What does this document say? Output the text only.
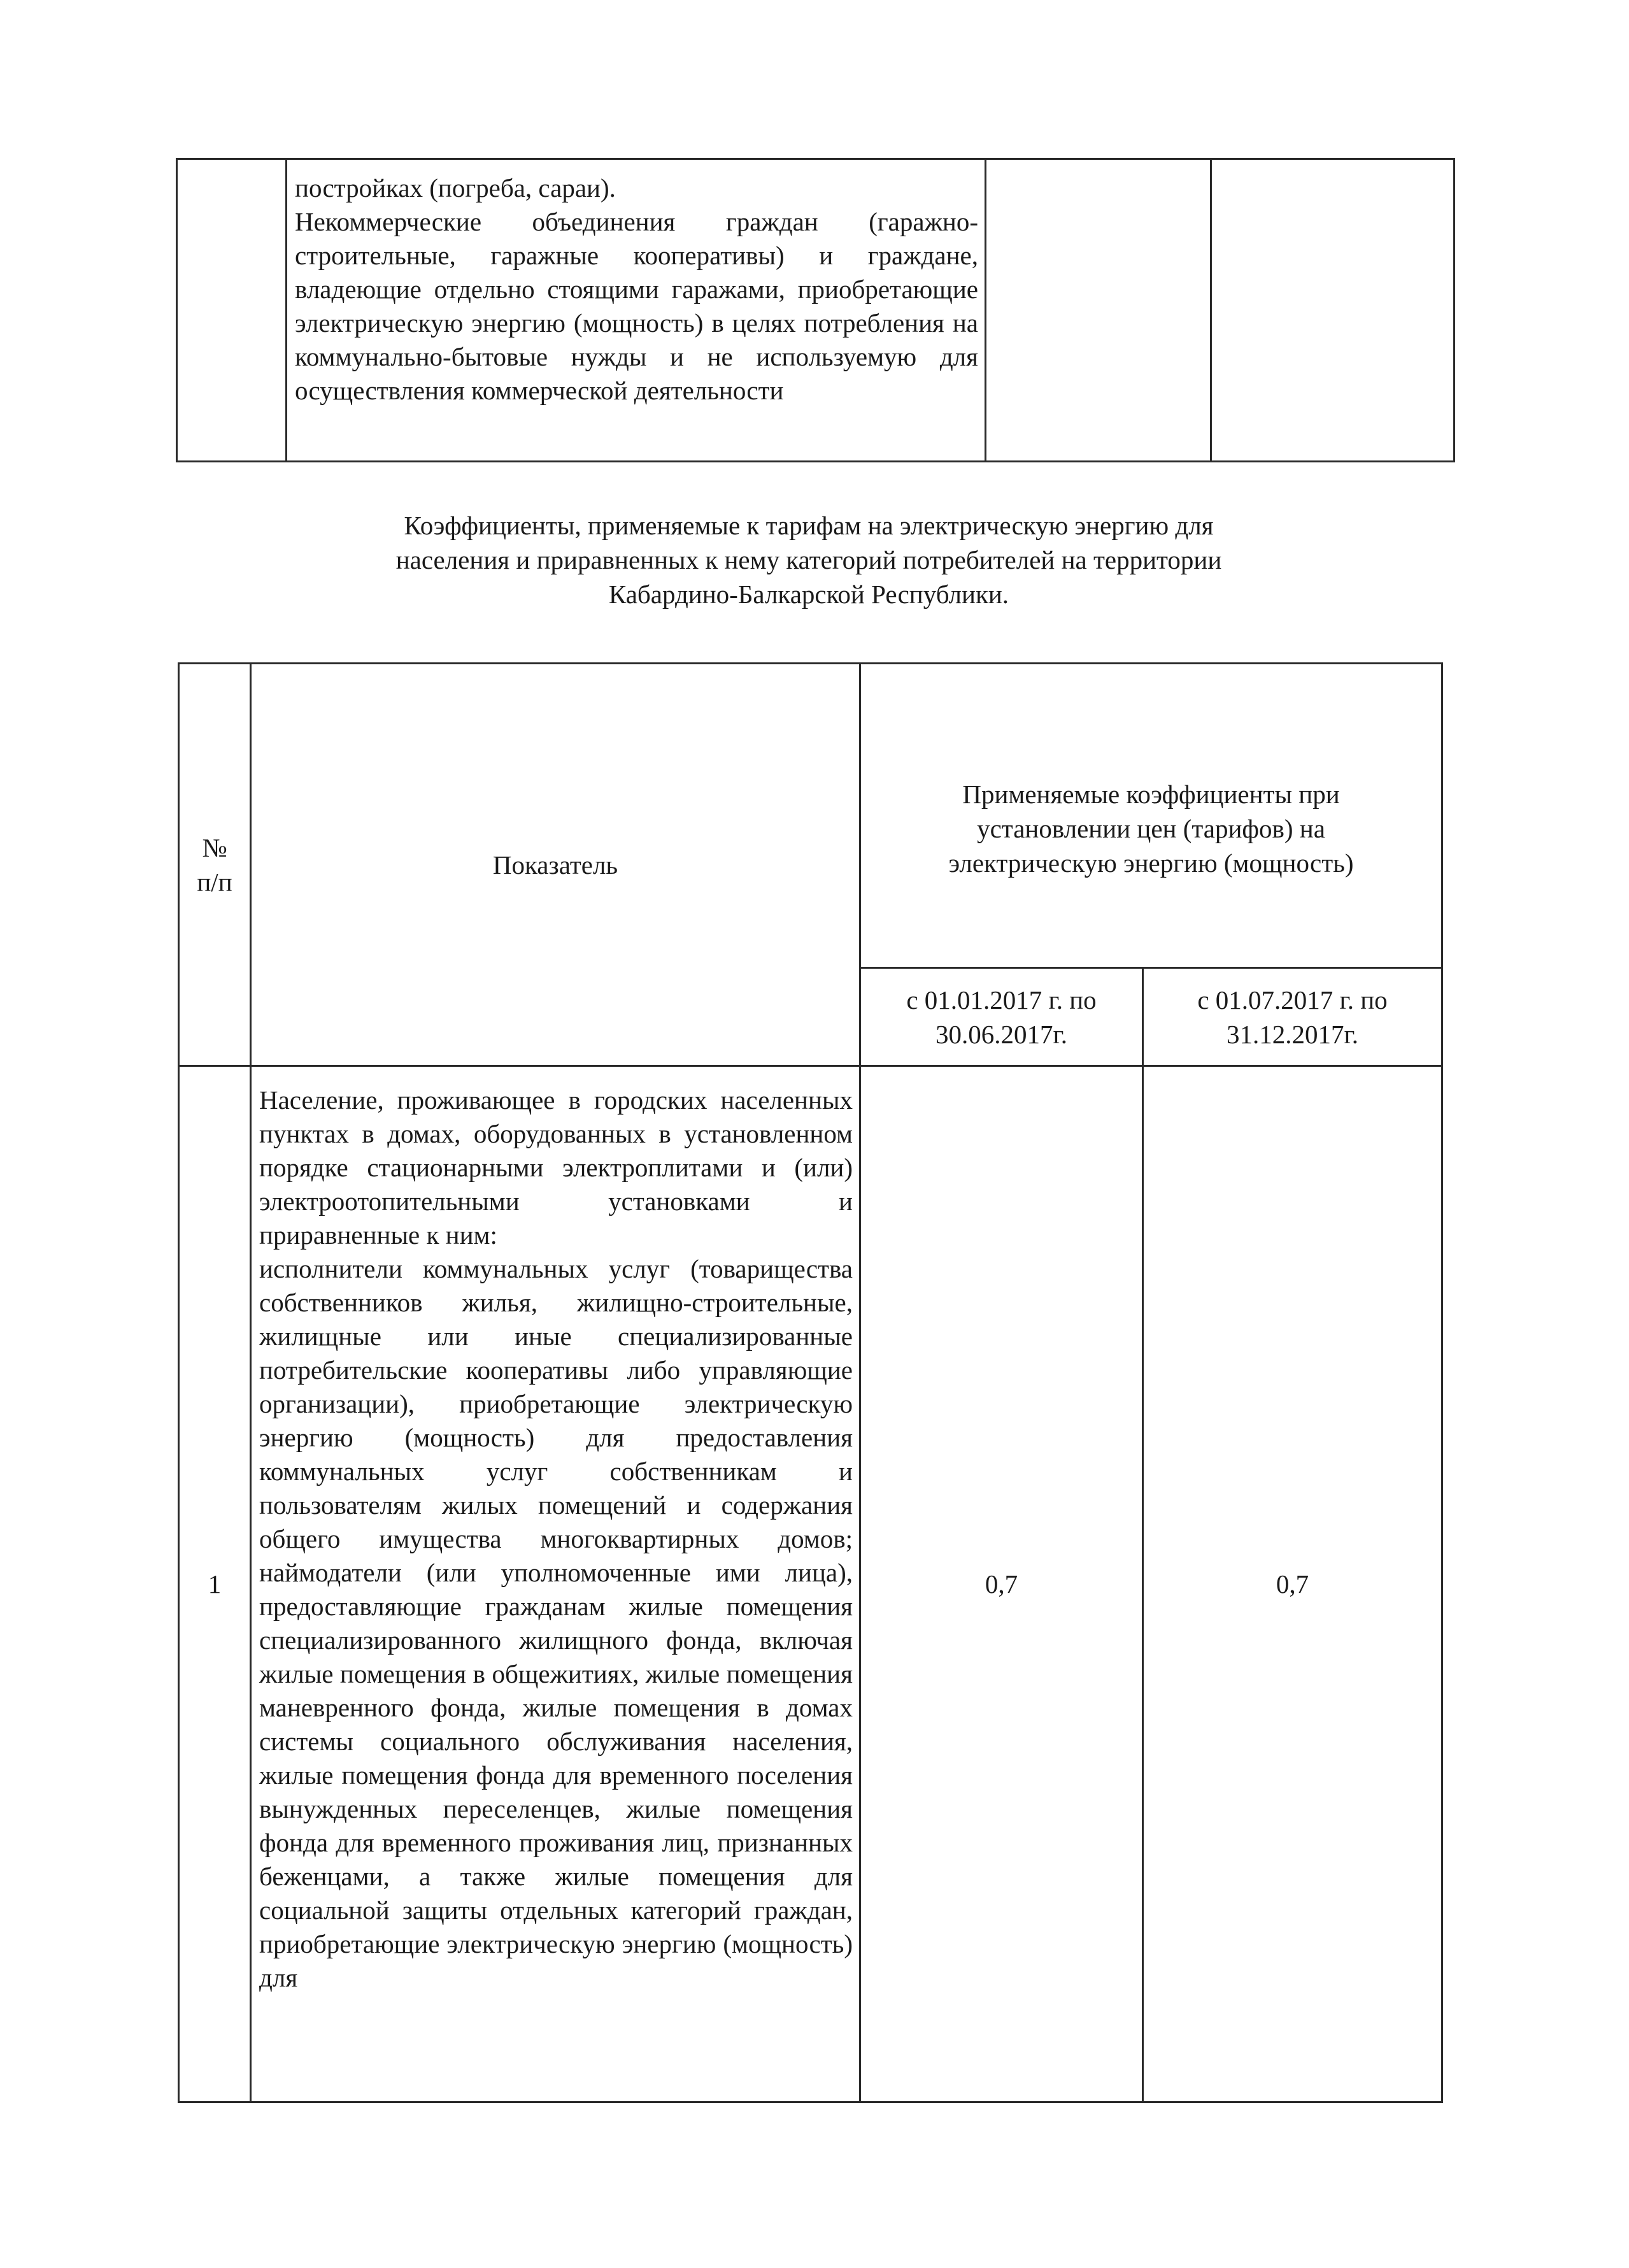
постройках (погреба, сараи).

Некоммерческие объединения граждан (гаражно-строительные, гаражные кооперативы) и граждане, владеющие отдельно стоящими гаражами, приобретающие электрическую энергию (мощность) в целях потребления на коммунально-бытовые нужды и не используемую для осуществления коммерческой деятельности

Коэффициенты, применяемые к тарифам на электрическую энергию для
населения и приравненных к нему категорий потребителей на территории
Кабардино-Балкарской Республики.
№ п/п	Показатель	Применяемые коэффициенты при установлении цен (тарифов) на электрическую энергию (мощность)	

		с 01.01.2017 г. по 30.06.2017г.	с 01.07.2017 г. по 31.12.2017г.

1	Население, проживающее в городских населенных пунктах в домах, оборудованных в установленном порядке стационарными электроплитами и (или) электроотопительными установками и приравненные к ним:

исполнители коммунальных услуг (товарищества собственников жилья, жилищно-строительные, жилищные или иные специализированные потребительские кооперативы либо управляющие организации), приобретающие электрическую энергию (мощность) для предоставления коммунальных услуг собственникам и пользователям жилых помещений и содержания общего имущества многоквартирных домов; наймодатели (или уполномоченные ими лица), предоставляющие гражданам жилые помещения специализированного жилищного фонда, включая жилые помещения в общежитиях, жилые помещения маневренного фонда, жилые помещения в домах системы социального обслуживания населения, жилые помещения фонда для временного поселения вынужденных переселенцев, жилые помещения фонда для временного проживания лиц, признанных беженцами, а также жилые помещения для социальной защиты отдельных категорий граждан, приобретающие электрическую энергию (мощность) для	0,7	0,7
